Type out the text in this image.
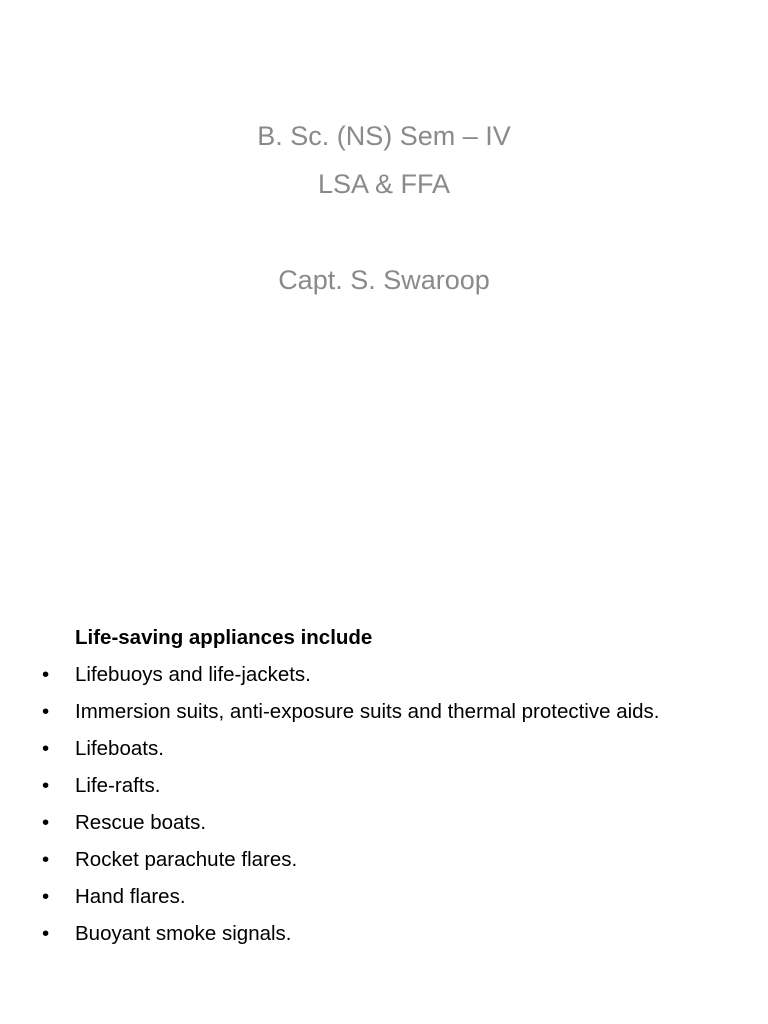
B. Sc. (NS) Sem – IV
LSA & FFA
Capt. S. Swaroop
Life-saving appliances include
•	Lifebuoys and life-jackets.
•	Immersion suits, anti-exposure suits and thermal protective aids.
•	Lifeboats.
•	Life-rafts.
•	Rescue boats.
•	Rocket parachute flares.
•	Hand flares.
•	Buoyant smoke signals.
